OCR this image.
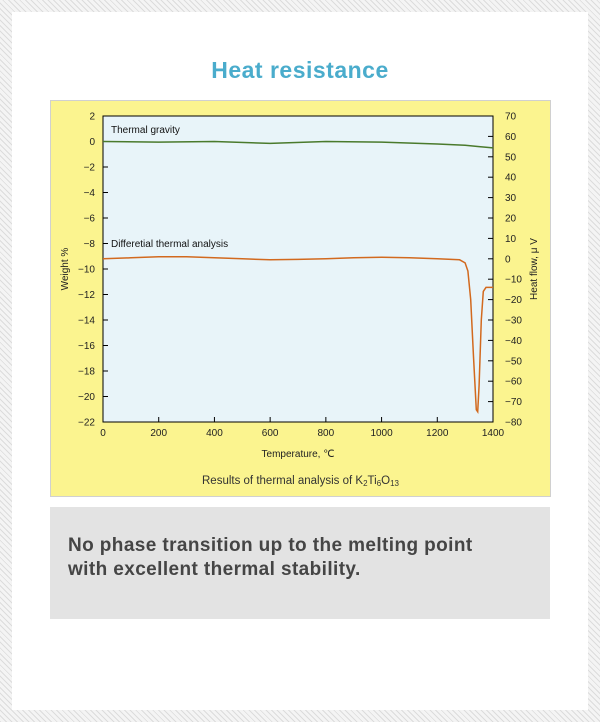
Heat resistance
2
0
−2
−4
−6
−8
−10
−12
−14
−16
−18
−20
−22
70
60
50
40
30
20
10
0
−10
−20
−30
−40
−50
−60
−70
−80
0	200	400	600	800	1000	1200	1400
Thermal gravity
Differetial thermal analysis
Temperature, ℃
Weight %	Heat flow, μ V
Results of thermal analysis of $K_2Ti_6O_{13}$
No phase transition up to the melting point with excellent thermal stability.
